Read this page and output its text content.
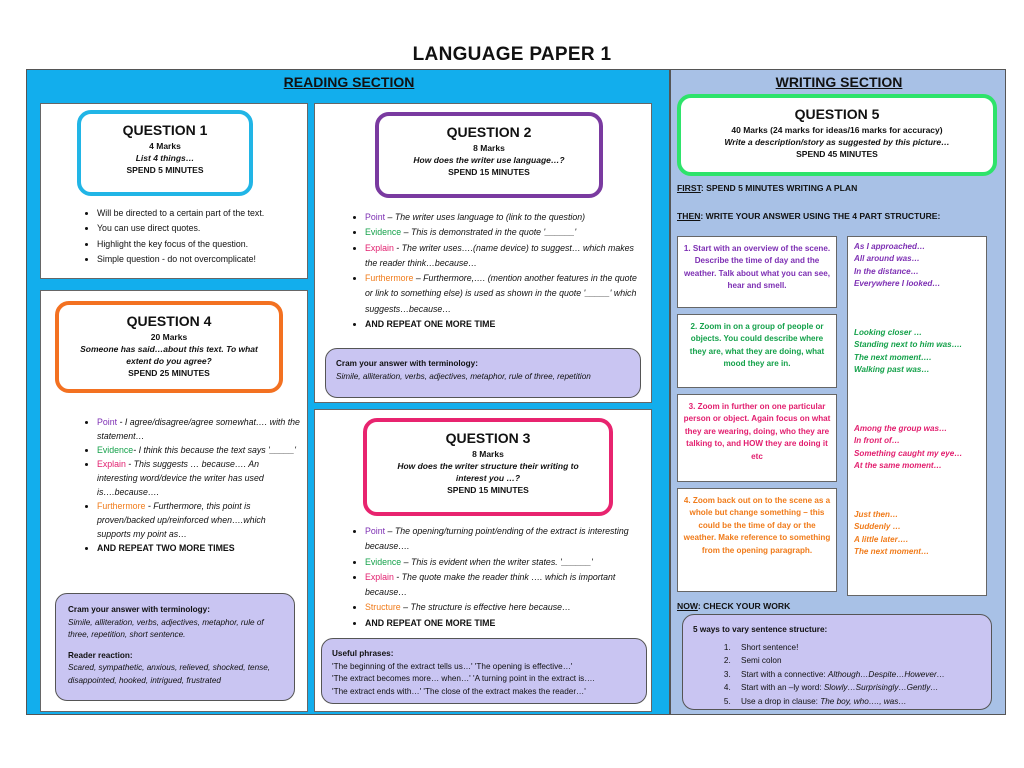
LANGUAGE PAPER 1
READING SECTION	WRITING SECTION
QUESTION 1
4 Marks
List 4 things…
SPEND 5 MINUTES
• Will be directed to a certain part of the text.
• You can use direct quotes.
• Highlight the key focus of the question.
• Simple question - do not overcomplicate!
QUESTION 2
8 Marks
How does the writer use language…?
SPEND 15 MINUTES
• Point – The writer uses language to (link to the question)
• Evidence – This is demonstrated in the quote '______'
• Explain - The writer uses….(name device) to suggest… which makes the reader think…because…
• Furthermore – Furthermore,…. (mention another features in the quote or link to something else) is used as shown in the quote '_____' which suggests…because…
• AND REPEAT ONE MORE TIME
Cram your answer with terminology:
Simile, alliteration, verbs, adjectives, metaphor, rule of three, repetition
QUESTION 4
20 Marks
Someone has said…about this text. To what extent do you agree?
SPEND 25 MINUTES
• Point - I agree/disagree/agree somewhat…. with the statement…
• Evidence- I think this because the text says '_____'
• Explain - This suggests … because…. An interesting word/device the writer has used is….because….
• Furthermore - Furthermore, this point is proven/backed up/reinforced when….which supports my point as…
• AND REPEAT TWO MORE TIMES
Cram your answer with terminology:
Simile, alliteration, verbs, adjectives, metaphor, rule of three, repetition, short sentence.
Reader reaction:
Scared, sympathetic, anxious, relieved, shocked, tense, disappointed, hooked, intrigued, frustrated
QUESTION 3
8 Marks
How does the writer structure their writing to interest you …?
SPEND 15 MINUTES
• Point – The opening/turning point/ending of the extract is interesting because….
• Evidence – This is evident when the writer states. '______'
• Explain - The quote make the reader think …. which is important because…
• Structure – The structure is effective here because…
• AND REPEAT ONE MORE TIME
Useful phrases:
'The beginning of the extract tells us…' 'The opening is effective…'
'The extract becomes more… when…' 'A turning point in the extract is….
'The extract ends with…' 'The close of the extract makes the reader…'
QUESTION 5
40 Marks (24 marks for ideas/16 marks for accuracy)
Write a description/story as suggested by this picture…
SPEND 45 MINUTES
FIRST: SPEND 5 MINUTES WRITING A PLAN
THEN: WRITE YOUR ANSWER USING THE 4 PART STRUCTURE:
1. Start with an overview of the scene. Describe the time of day and the weather. Talk about what you can see, hear and smell.
2. Zoom in on a group of people or objects. You could describe where they are, what they are doing, what mood they are in.
3. Zoom in further on one particular person or object. Again focus on what they are wearing, doing, who they are talking to, and HOW they are doing it etc
4. Zoom back out on to the scene as a whole but change something – this could be the time of day or the weather. Make reference to something from the opening paragraph.
As I approached…
All around was…
In the distance…
Everywhere I looked…
Looking closer …
Standing next to him was….
The next moment….
Walking past was…
Among the group was…
In front of…
Something caught my eye…
At the same moment…
Just then…
Suddenly …
A little later….
The next moment…
NOW: CHECK YOUR WORK
5 ways to vary sentence structure:
1. Short sentence!
2. Semi colon
3. Start with a connective: Although…Despite…However…
4. Start with an –ly word: Slowly…Surprisingly…Gently…
5. Use a drop in clause: The boy, who…., was…
